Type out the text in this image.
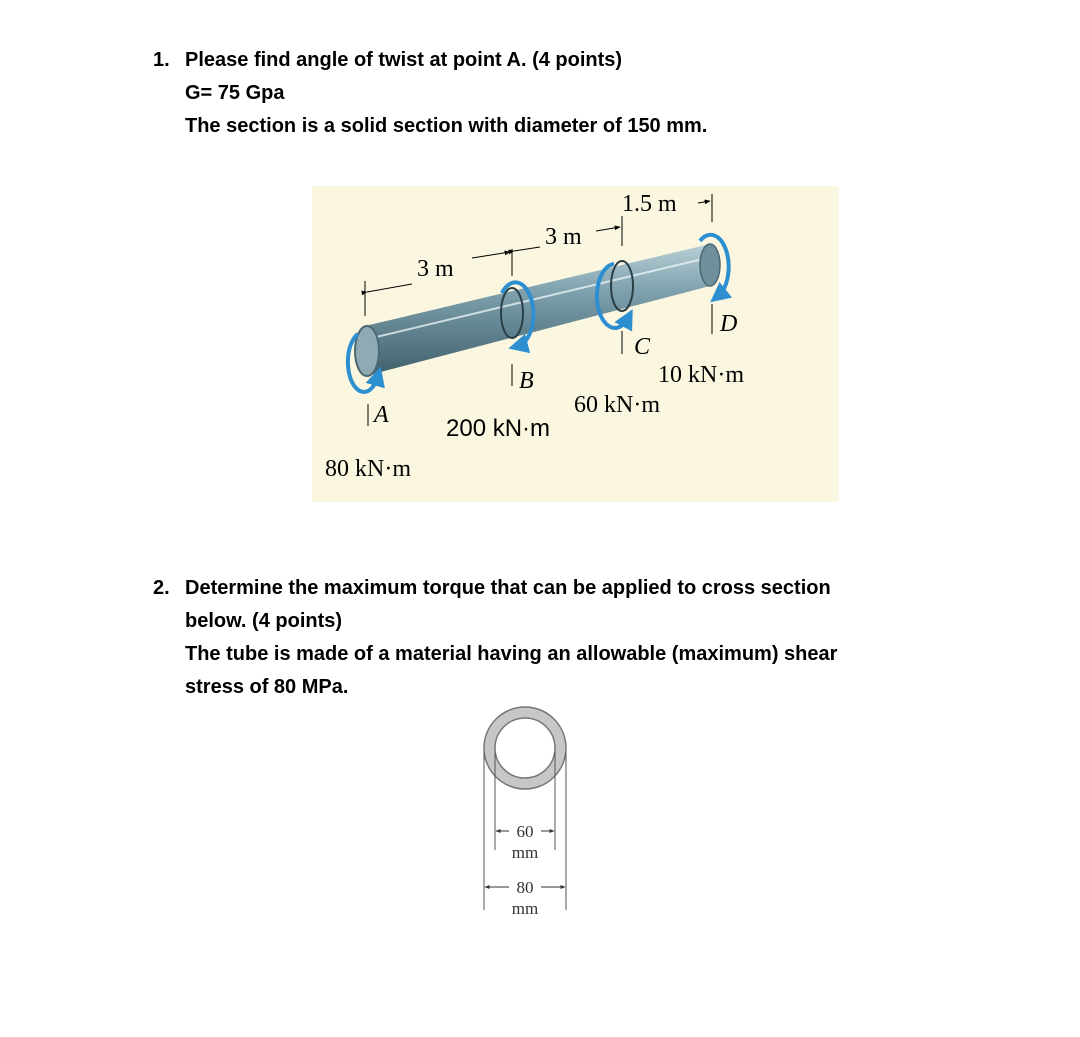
1. Please find angle of twist at point A. (4 points)
G= 75 Gpa
The section is a solid section with diameter of 150 mm.
3 m
3 m
1.5 m
A
B
C
D
10 kN·m
60 kN·m
200 kN·m
80 kN·m
2. Determine the maximum torque that can be applied to cross section
below. (4 points)
The tube is made of a material having an allowable (maximum) shear
stress of 80 MPa.
60
mm
80
mm
